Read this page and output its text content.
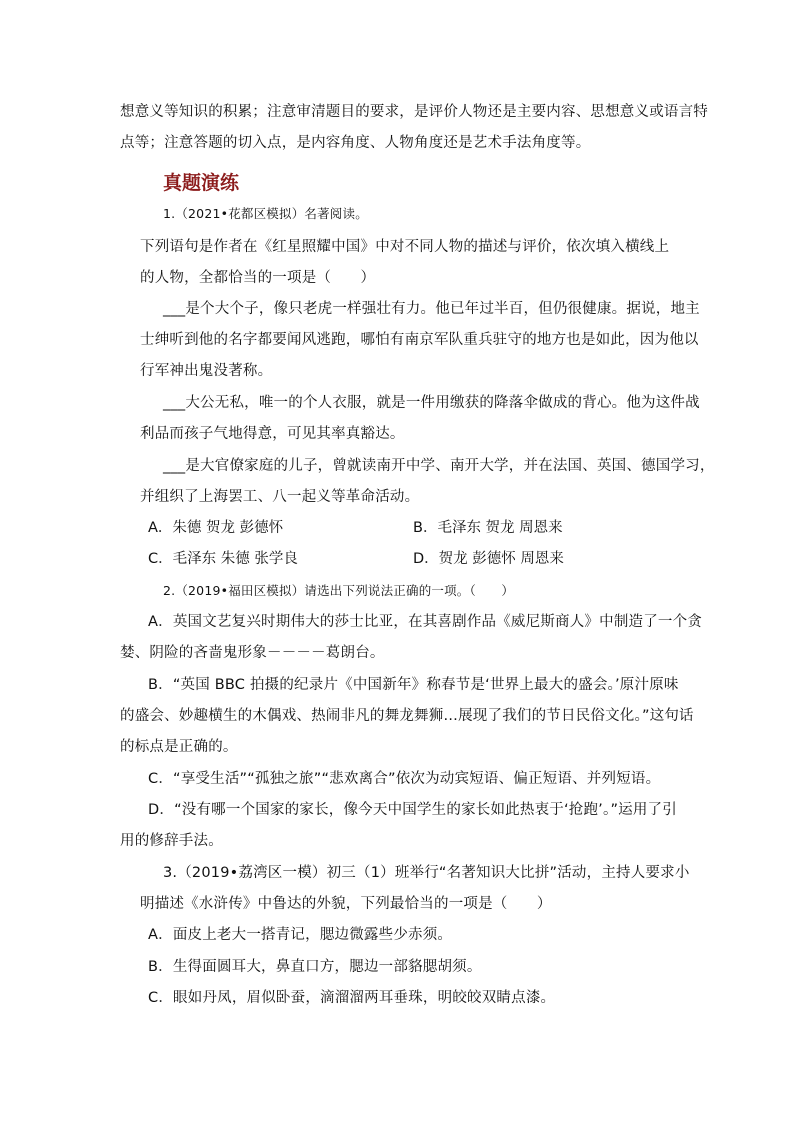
想意义等知识的积累；注意审清题目的要求，是评价人物还是主要内容、思想意义或语言特
点等；注意答题的切入点，是内容角度、人物角度还是艺术手法角度等。
真题演练
1.（2021•花都区模拟）名著阅读。
下列语句是作者在《红星照耀中国》中对不同人物的描述与评价，依次填入横线上
的人物，全都恰当的一项是（　　）
___是个大个子，像只老虎一样强壮有力。他已年过半百，但仍很健康。据说，地主
士绅听到他的名字都要闻风逃跑，哪怕有南京军队重兵驻守的地方也是如此，因为他以
行军神出鬼没著称。
___大公无私，唯一的个人衣服，就是一件用缴获的降落伞做成的背心。他为这件战
利品而孩子气地得意，可见其率真豁达。
___是大官僚家庭的儿子，曾就读南开中学、南开大学，并在法国、英国、德国学习，
并组织了上海罢工、八一起义等革命活动。
A．朱德 贺龙 彭德怀	B．毛泽东 贺龙 周恩来
C．毛泽东 朱德 张学良	D．贺龙 彭德怀 周恩来
2.（2019•福田区模拟）请选出下列说法正确的一项。（　　）
A．英国文艺复兴时期伟大的莎士比亚，在其喜剧作品《威尼斯商人》中制造了一个贪
婪、阴险的吝啬鬼形象－－－－葛朗台。
B．“英国 BBC 拍摄的纪录片《中国新年》称春节是‘世界上最大的盛会。’原汁原味
的盛会、妙趣横生的木偶戏、热闹非凡的舞龙舞狮…展现了我们的节日民俗文化。”这句话
的标点是正确的。
C．“享受生活”“孤独之旅”“悲欢离合”依次为动宾短语、偏正短语、并列短语。
D．“没有哪一个国家的家长，像今天中国学生的家长如此热衷于‘抢跑’。”运用了引
用的修辞手法。
3.（2019•荔湾区一模）初三（1）班举行“名著知识大比拼”活动，主持人要求小
明描述《水浒传》中鲁达的外貌，下列最恰当的一项是（　　）
A．面皮上老大一搭青记，腮边微露些少赤须。
B．生得面圆耳大，鼻直口方，腮边一部貉腮胡须。
C．眼如丹凤，眉似卧蚕，滴溜溜两耳垂珠，明皎皎双睛点漆。
